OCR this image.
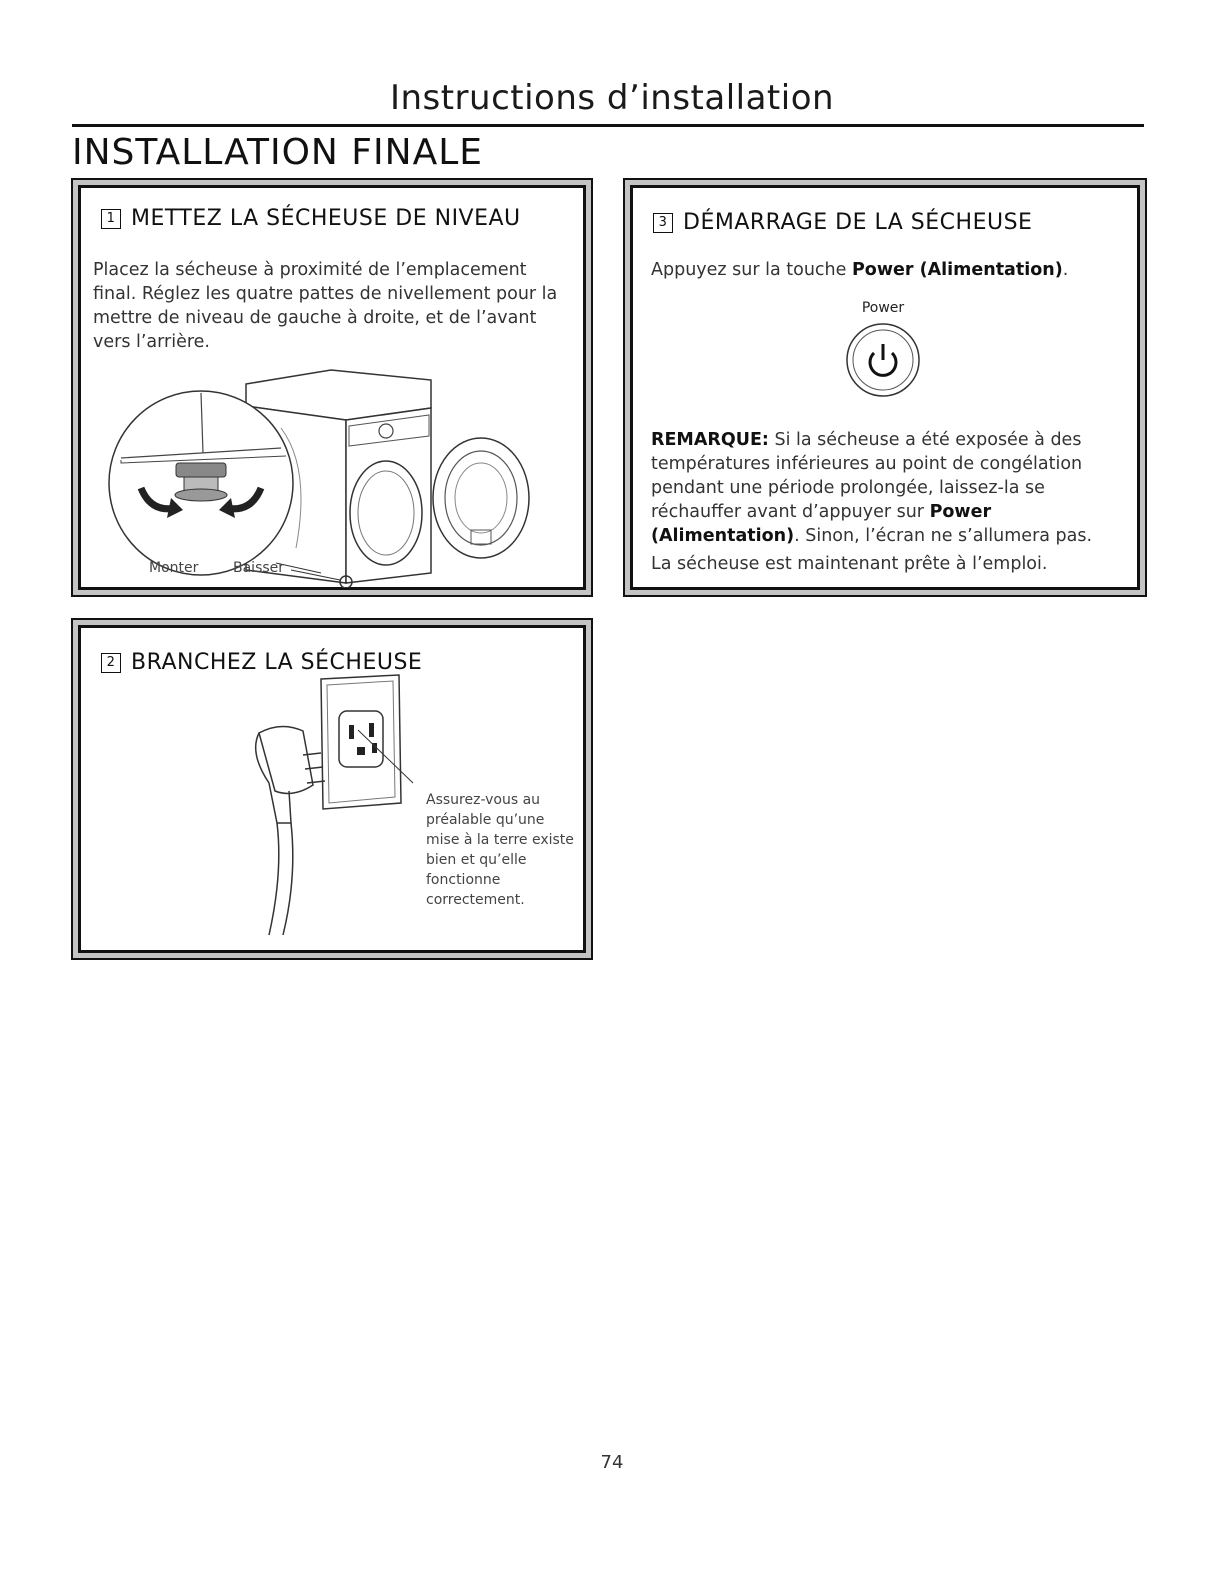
Instructions d’installation
INSTALLATION FINALE
1 METTEZ LA SÉCHEUSE DE NIVEAU
Placez la sécheuse à proximité de l’emplacement final. Réglez les quatre pattes de nivellement pour la mettre de niveau de gauche à droite, et de l’avant vers l’arrière.
Monter Baisser
3 DÉMARRAGE DE LA SÉCHEUSE
Appuyez sur la touche Power (Alimentation).
Power
REMARQUE: Si la sécheuse a été exposée à des températures inférieures au point de congélation pendant une période prolongée, laissez-la se réchauffer avant d’appuyer sur Power (Alimentation). Sinon, l’écran ne s’allumera pas.
La sécheuse est maintenant prête à l’emploi.
2 BRANCHEZ LA SÉCHEUSE
Assurez-vous au préalable qu’une mise à la terre existe bien et qu’elle fonctionne correctement.
74
